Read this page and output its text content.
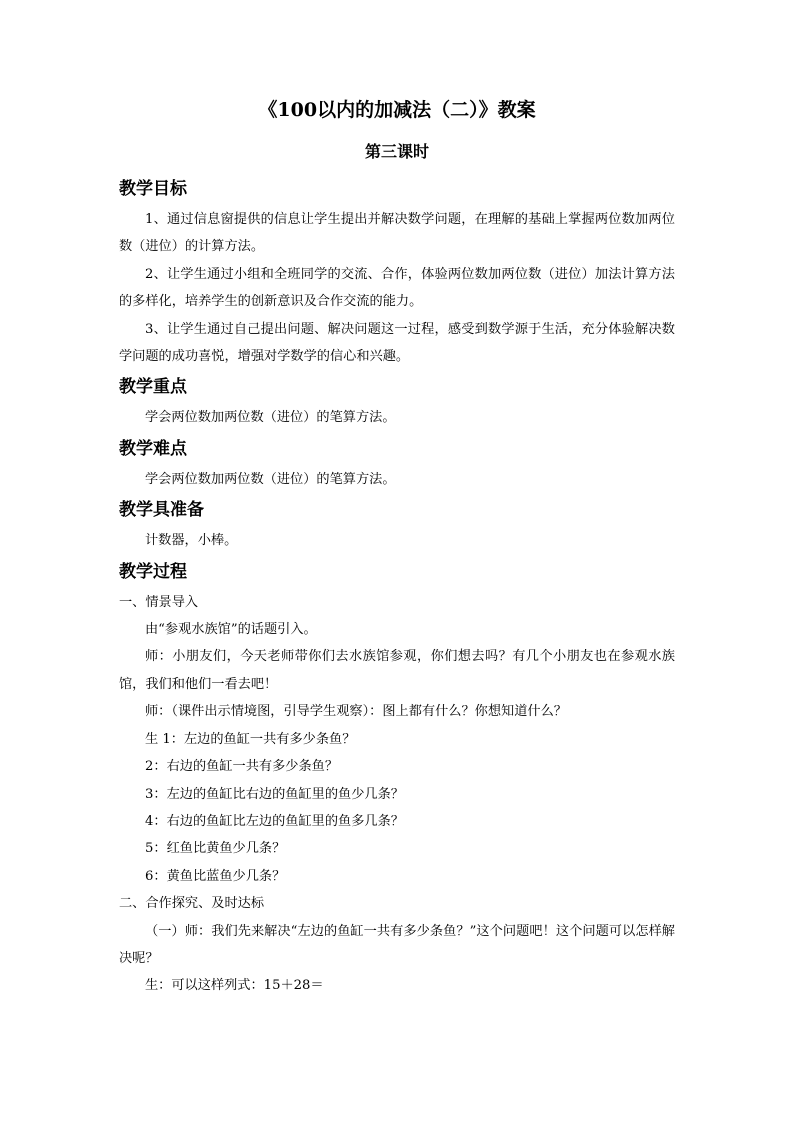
《100以内的加减法（二）》教案
第三课时
教学目标

1、通过信息窗提供的信息让学生提出并解决数学问题，在理解的基础上掌握两位数加两位数（进位）的计算方法。

2、让学生通过小组和全班同学的交流、合作，体验两位数加两位数（进位）加法计算方法的多样化，培养学生的创新意识及合作交流的能力。

3、让学生通过自己提出问题、解决问题这一过程，感受到数学源于生活，充分体验解决数学问题的成功喜悦，增强对学数学的信心和兴趣。

教学重点

学会两位数加两位数（进位）的笔算方法。

教学难点

学会两位数加两位数（进位）的笔算方法。

教学具准备

计数器，小棒。

教学过程

一、情景导入

由“参观水族馆”的话题引入。

师：小朋友们，今天老师带你们去水族馆参观，你们想去吗？有几个小朋友也在参观水族馆，我们和他们一看去吧！

师：（课件出示情境图，引导学生观察）：图上都有什么？你想知道什么？

生 1：左边的鱼缸一共有多少条鱼？

2：右边的鱼缸一共有多少条鱼？

3：左边的鱼缸比右边的鱼缸里的鱼少几条？

4：右边的鱼缸比左边的鱼缸里的鱼多几条？

5：红鱼比黄鱼少几条？

6：黄鱼比蓝鱼少几条？

二、合作探究、及时达标

（一）师：我们先来解决“左边的鱼缸一共有多少条鱼？”这个问题吧！这个问题可以怎样解决呢？

生：可以这样列式：15＋28＝
